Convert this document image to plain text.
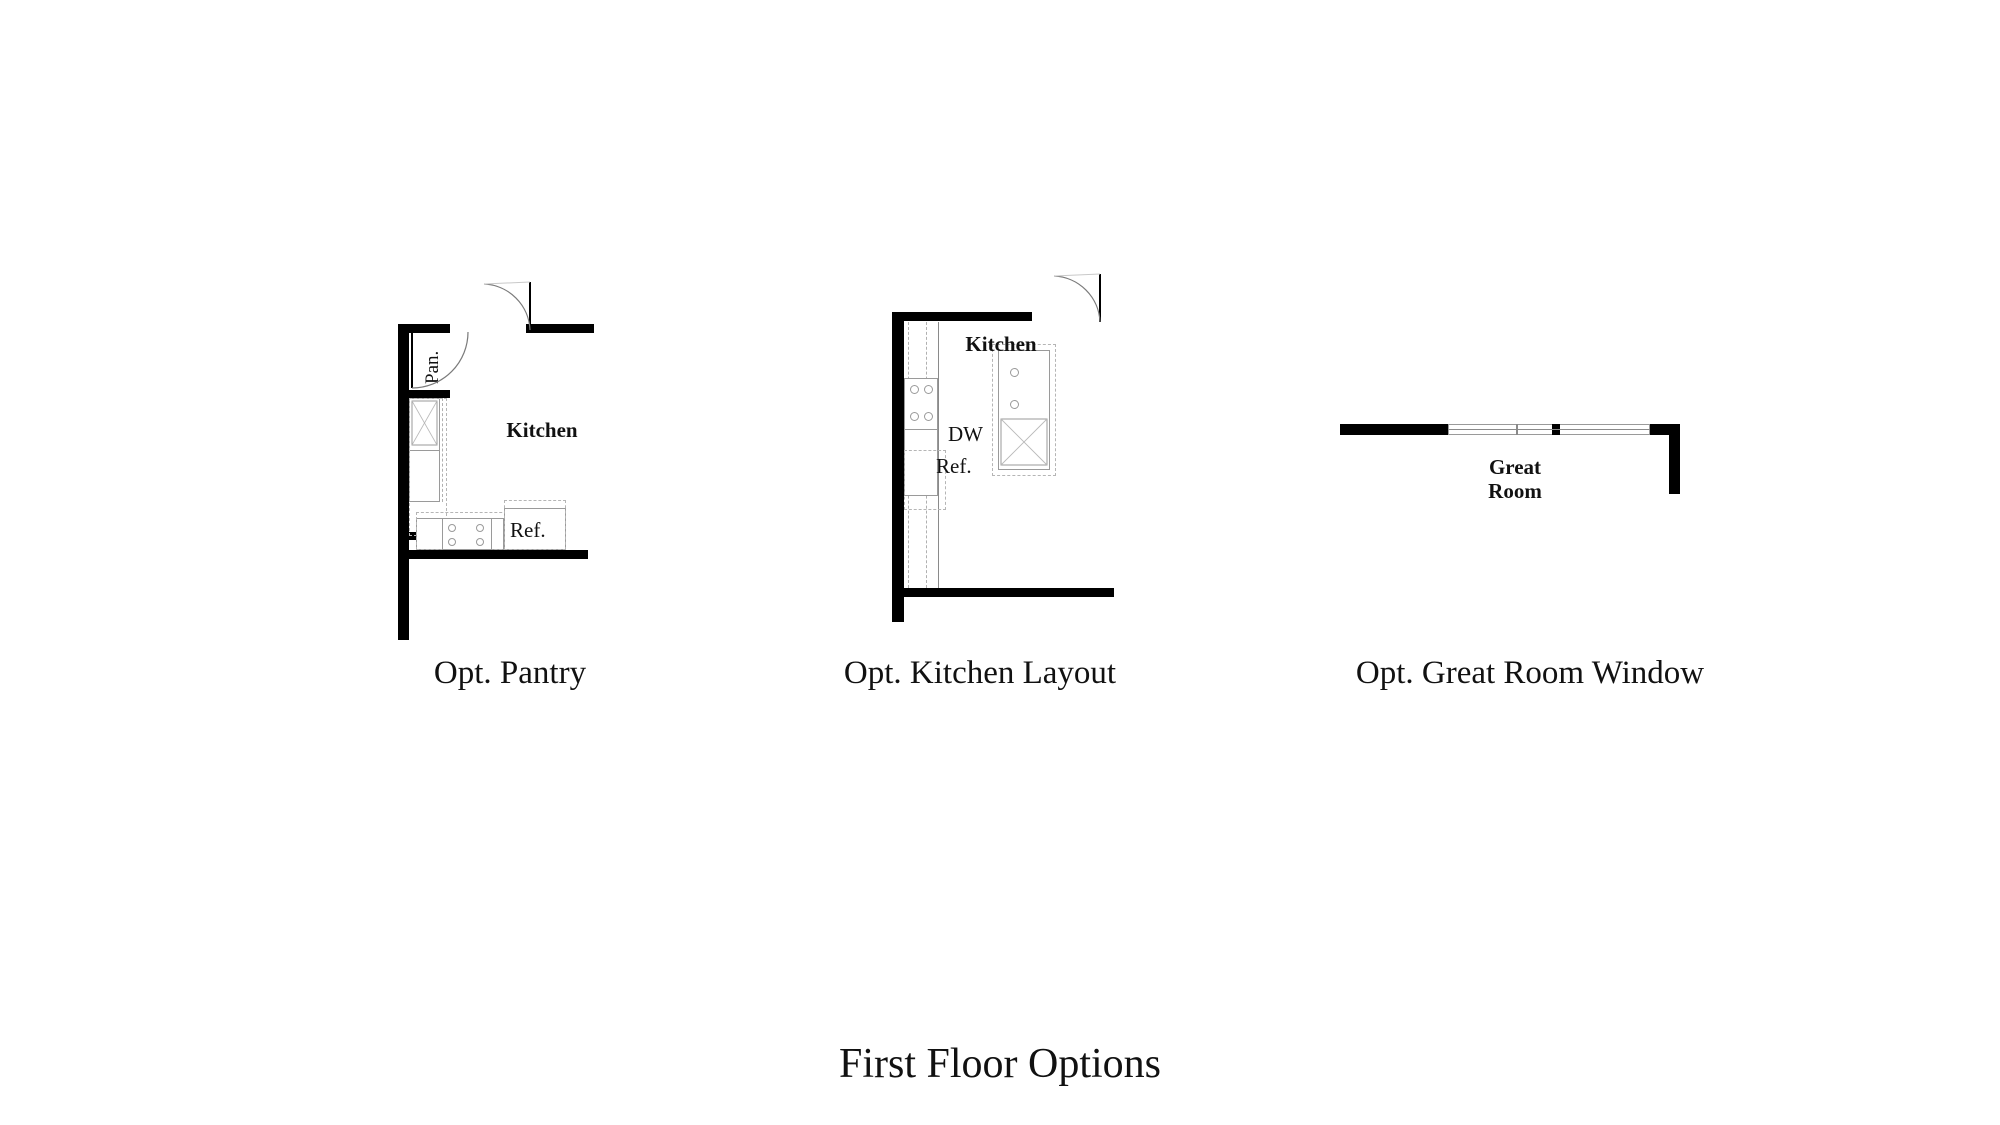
Pan.
Ref.
Kitchen
Opt. Pantry
DW
Ref.
Kitchen
Opt. Kitchen Layout
Great
Room
Opt. Great Room Window
First Floor Options
